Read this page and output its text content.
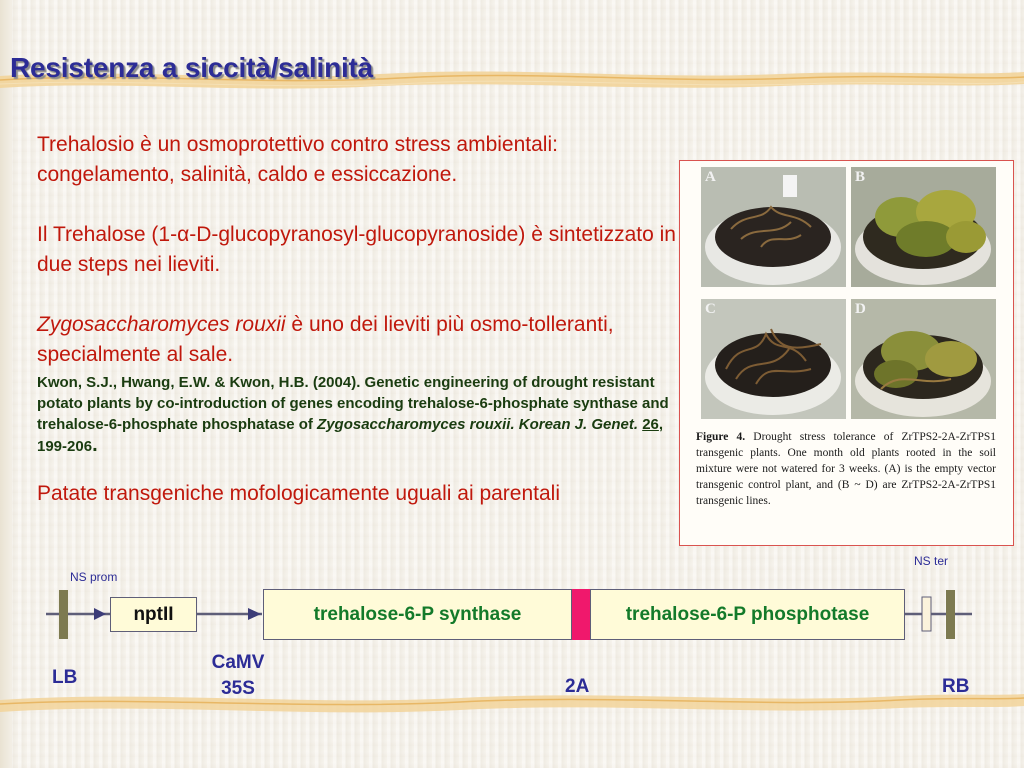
Resistenza a siccità/salinità

Trehalosio è un osmoprotettivo contro stress ambientali: congelamento, salinità, caldo e essiccazione.

Il Trehalose (1-α-D-glucopyranosyl-glucopyranoside) è sintetizzato in due steps nei lieviti.

Zygosaccharomyces rouxii è uno dei lieviti più osmo-tolleranti, specialmente al sale.

Kwon, S.J., Hwang, E.W. & Kwon, H.B. (2004). Genetic engineering of drought resistant potato plants by co-introduction of genes encoding trehalose-6-phosphate synthase and trehalose-6-phosphate phosphatase of Zygosaccharomyces rouxii. Korean J. Genet. 26, 199-206.

Patate transgeniche mofologicamente uguali ai parentali

A	B
C	D
Figure 4. Drought stress tolerance of ZrTPS2-2A-ZrTPS1 transgenic plants. One month old plants rooted in the soil mixture were not watered for 3 weeks. (A) is the empty vector transgenic control plant, and (B ~ D) are ZrTPS2-2A-ZrTPS1 transgenic lines.
NS prom
NS ter
nptII	trehalose-6-P synthase	trehalose-6-P phosphotase
LB
CaMV
35S	2A	RB
